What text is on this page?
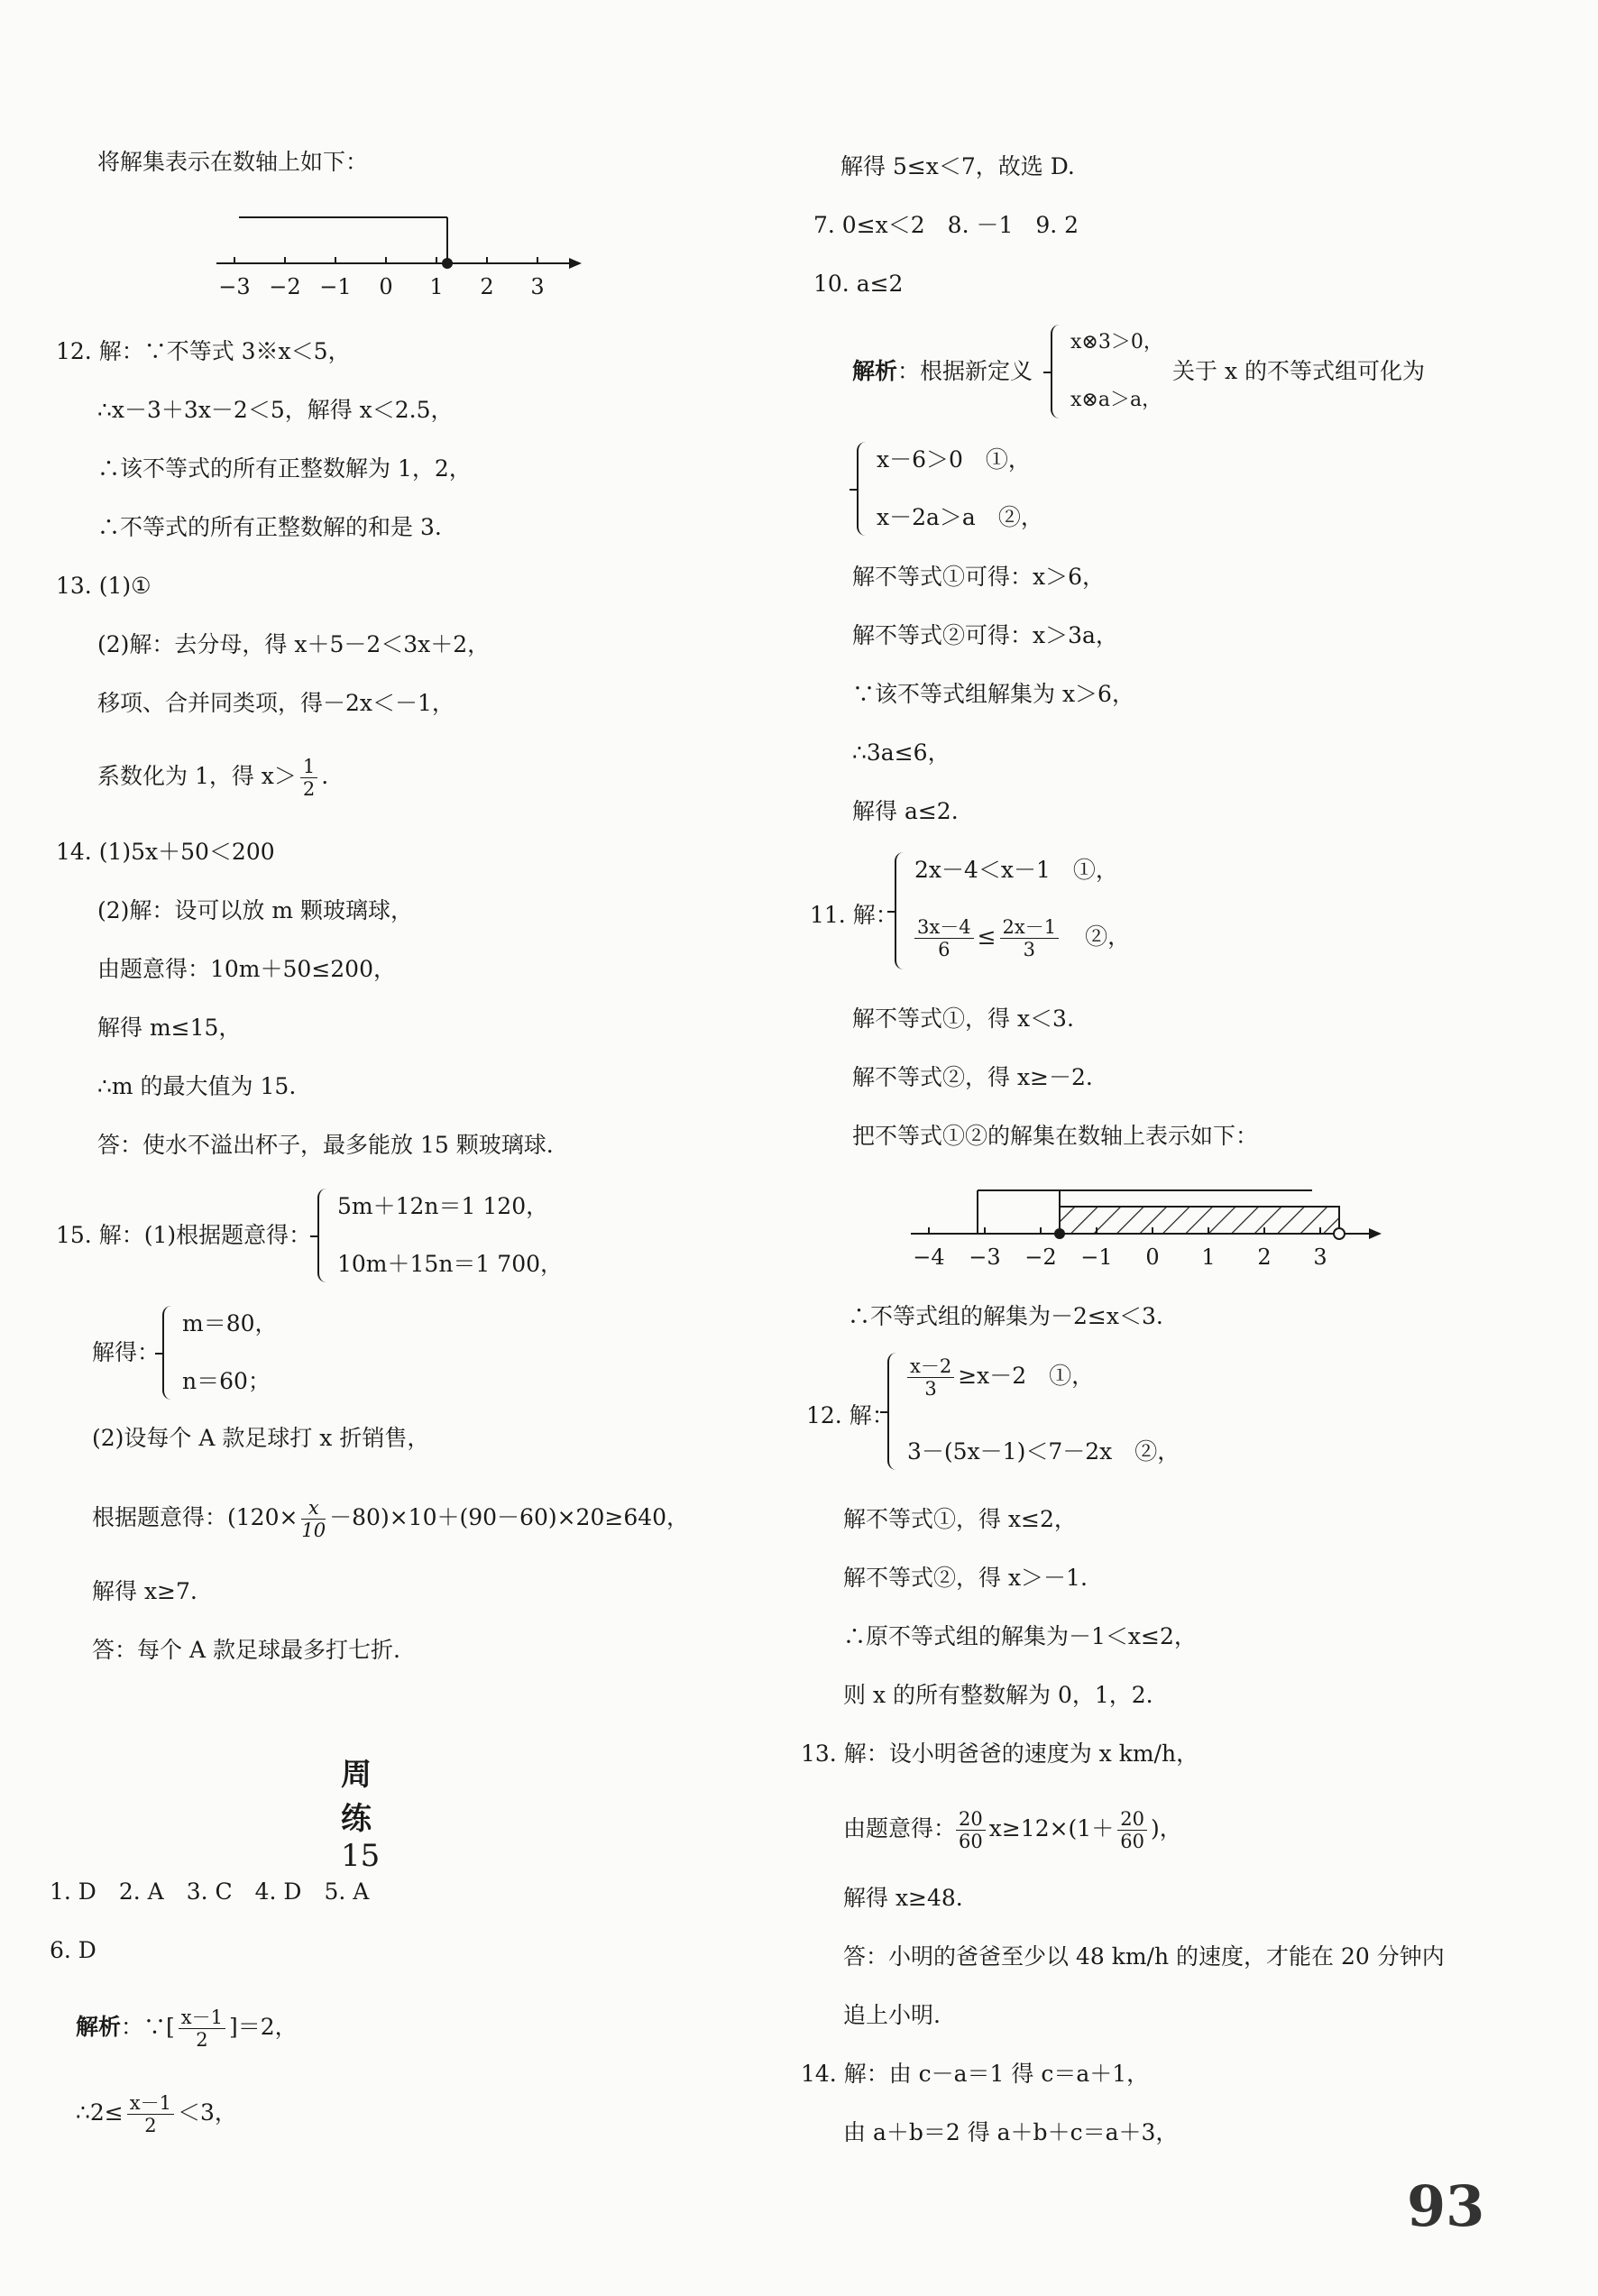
将解集表示在数轴上如下：
−3 −2 −1 0 1 2 3
12. 解：∵不等式 3※x＜5，
∴x－3＋3x－2＜5，解得 x＜2.5，
∴该不等式的所有正整数解为 1，2，
∴不等式的所有正整数解的和是 3.
13. (1)①
(2)解：去分母，得 x＋5－2＜3x＋2，
移项、合并同类项，得－2x＜－1，
系数化为 1，得 $x> \frac{1}{2}$ .
14. (1)5x＋50＜200
(2)解：设可以放 m 颗玻璃球，
由题意得：10m＋50≤200，
解得 m≤15，
∴m 的最大值为 15.
答：使水不溢出杯子，最多能放 15 颗玻璃球.
15. 解：(1)根据题意得：
5m＋12n＝1 120，
10m＋15n＝1 700，
解得：
m＝80，
n＝60；
(2)设每个 A 款足球打 x 折销售，
根据题意得：$(120\times \frac{x}{10} -80)\times 10+(90-60)\times 20\ge 640$，
解得 x≥7.
答：每个 A 款足球最多打七折.
周练 15
1. D　2. A　3. C　4. D　5. A
6. D
解析：∵[ $\frac{x-1}{2} ]=2$，
∴2≤ $\frac{x-1}{2} <3$，
解得 5≤x＜7，故选 D.
7. 0≤x＜2　8. －1　9. 2
10. a≤2
解析：根据新定义
x⊗3＞0，
x⊗a＞a，
关于 x 的不等式组可化为
x－6＞0　①，
x－2a＞a　②，
解不等式①可得：x＞6，
解不等式②可得：x＞3a，
∵该不等式组解集为 x＞6，
∴3a≤6，
解得 a≤2.
11. 解：
2x－4＜x－1　①，
$\frac{3x-4}{6} \le \frac{2x-1}{3}$ 　②，
解不等式①，得 x＜3.
解不等式②，得 x≥－2.
把不等式①②的解集在数轴上表示如下：
−4 −3 −2 −1 0 1 2 3
∴不等式组的解集为－2≤x＜3.
12. 解：
$\frac{x-2}{3} \ge x-2$　①，
3－(5x－1)＜7－2x　②，
解不等式①，得 x≤2，
解不等式②，得 x＞－1.
∴原不等式组的解集为－1＜x≤2，
则 x 的所有整数解为 0，1，2.
13. 解：设小明爸爸的速度为 x km/h，
由题意得： $\frac{20}{60} x\ge 12\times(1+ \frac{20}{60}$ )，
解得 x≥48.
答：小明的爸爸至少以 48 km/h 的速度，才能在 20 分钟内
追上小明.
14. 解：由 c－a＝1 得 c＝a＋1，
由 a＋b＝2 得 a＋b＋c＝a＋3，
93
